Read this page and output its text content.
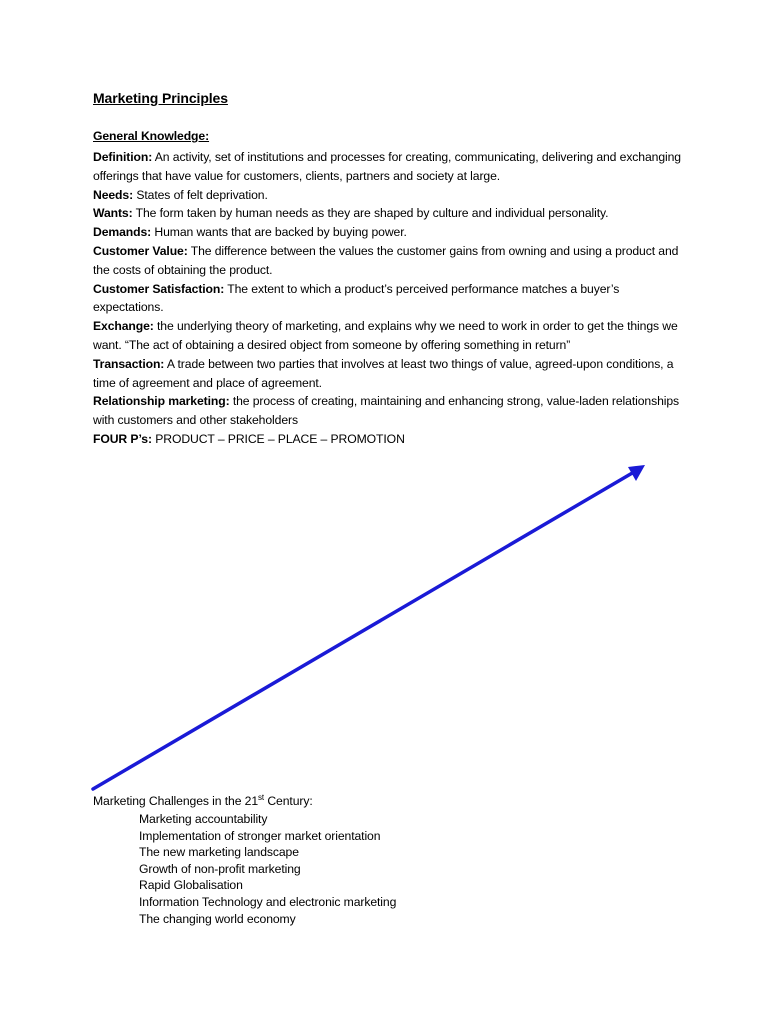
Marketing Principles
General Knowledge:

Definition: An activity, set of institutions and processes for creating, communicating, delivering and exchanging offerings that have value for customers, clients, partners and society at large.

Needs: States of felt deprivation.

Wants: The form taken by human needs as they are shaped by culture and individual personality.

Demands: Human wants that are backed by buying power.

Customer Value: The difference between the values the customer gains from owning and using a product and the costs of obtaining the product.

Customer Satisfaction: The extent to which a product’s perceived performance matches a buyer’s expectations.

Exchange: the underlying theory of marketing, and explains why we need to work in order to get the things we want. “The act of obtaining a desired object from someone by offering something in return”

Transaction: A trade between two parties that involves at least two things of value, agreed-upon conditions, a time of agreement and place of agreement.

Relationship marketing: the process of creating, maintaining and enhancing strong, value-laden relationships with customers and other stakeholders

FOUR P’s: PRODUCT – PRICE – PLACE – PROMOTION

Marketing Challenges in the 21st Century:
Marketing accountability
Implementation of stronger market orientation
The new marketing landscape
Growth of non-profit marketing
Rapid Globalisation
Information Technology and electronic marketing
The changing world economy
